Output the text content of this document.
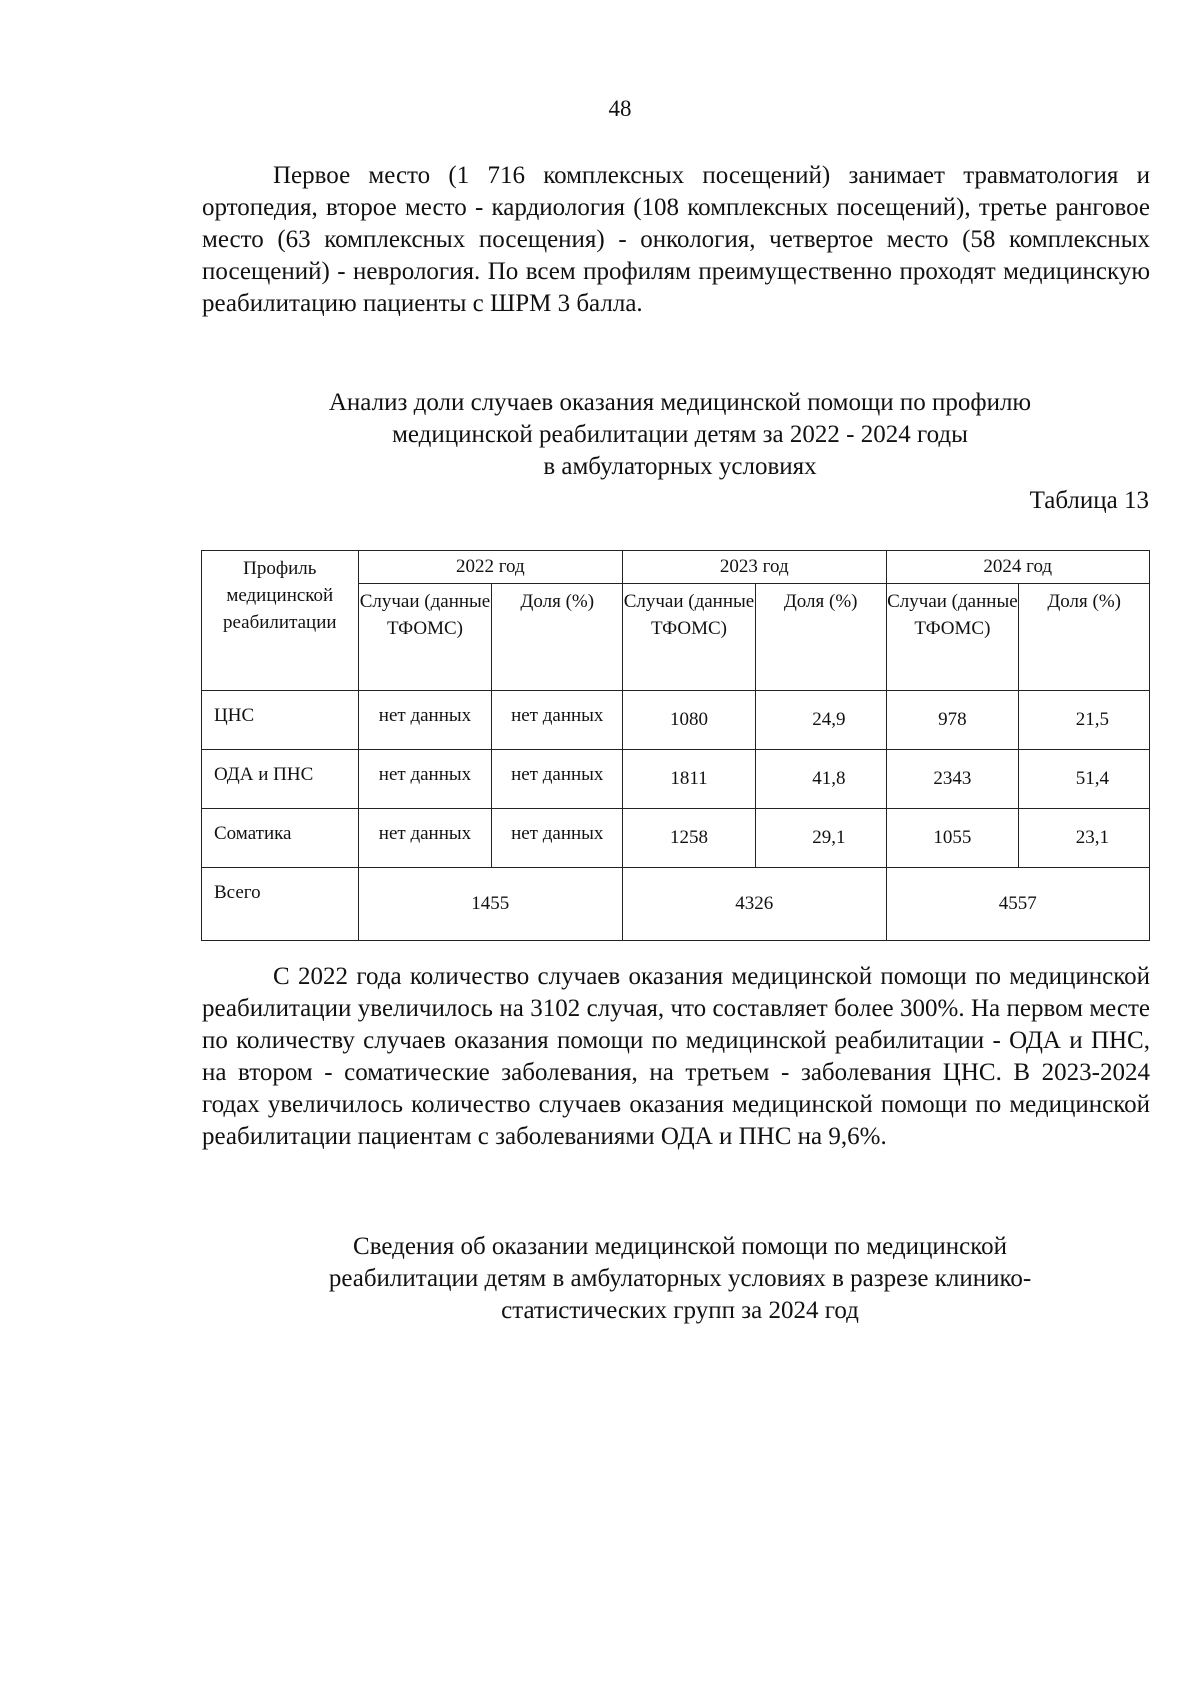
48

Первое место (1 716 комплексных посещений) занимает травматология и ортопедия, второе место - кардиология (108 комплексных посещений), третье ранговое место (63 комплексных посещения) - онкология, четвертое место (58 комплексных посещений) - неврология. По всем профилям преимущественно проходят медицинскую реабилитацию пациенты с ШРМ 3 балла.

Анализ доли случаев оказания медицинской помощи по профилю
медицинской реабилитации детям за 2022 - 2024 годы
в амбулаторных условиях
Таблица 13
Профиль медицинской реабилитации	2022 год		2023 год		2024 год	

	Случаи (данные ТФОМС)	Доля (%)	Случаи (данные ТФОМС)	Доля (%)	Случаи (данные ТФОМС)	Доля (%)

ЦНС	нет данных	нет данных	1080	24,9	978	21,5
ОДА и ПНС	нет данных	нет данных	1811	41,8	2343	51,4
Соматика	нет данных	нет данных	1258	29,1	1055	23,1
Всего	1455		4326		4557	

С 2022 года количество случаев оказания медицинской помощи по медицинской реабилитации увеличилось на 3102 случая, что составляет более 300%. На первом месте по количеству случаев оказания помощи по медицинской реабилитации - ОДА и ПНС, на втором - соматические заболевания, на третьем - заболевания ЦНС. В 2023-2024 годах увеличилось количество случаев оказания медицинской помощи по медицинской реабилитации пациентам с заболеваниями ОДА и ПНС на 9,6%.

Сведения об оказании медицинской помощи по медицинской
реабилитации детям в амбулаторных условиях в разрезе клинико-
статистических групп за 2024 год
